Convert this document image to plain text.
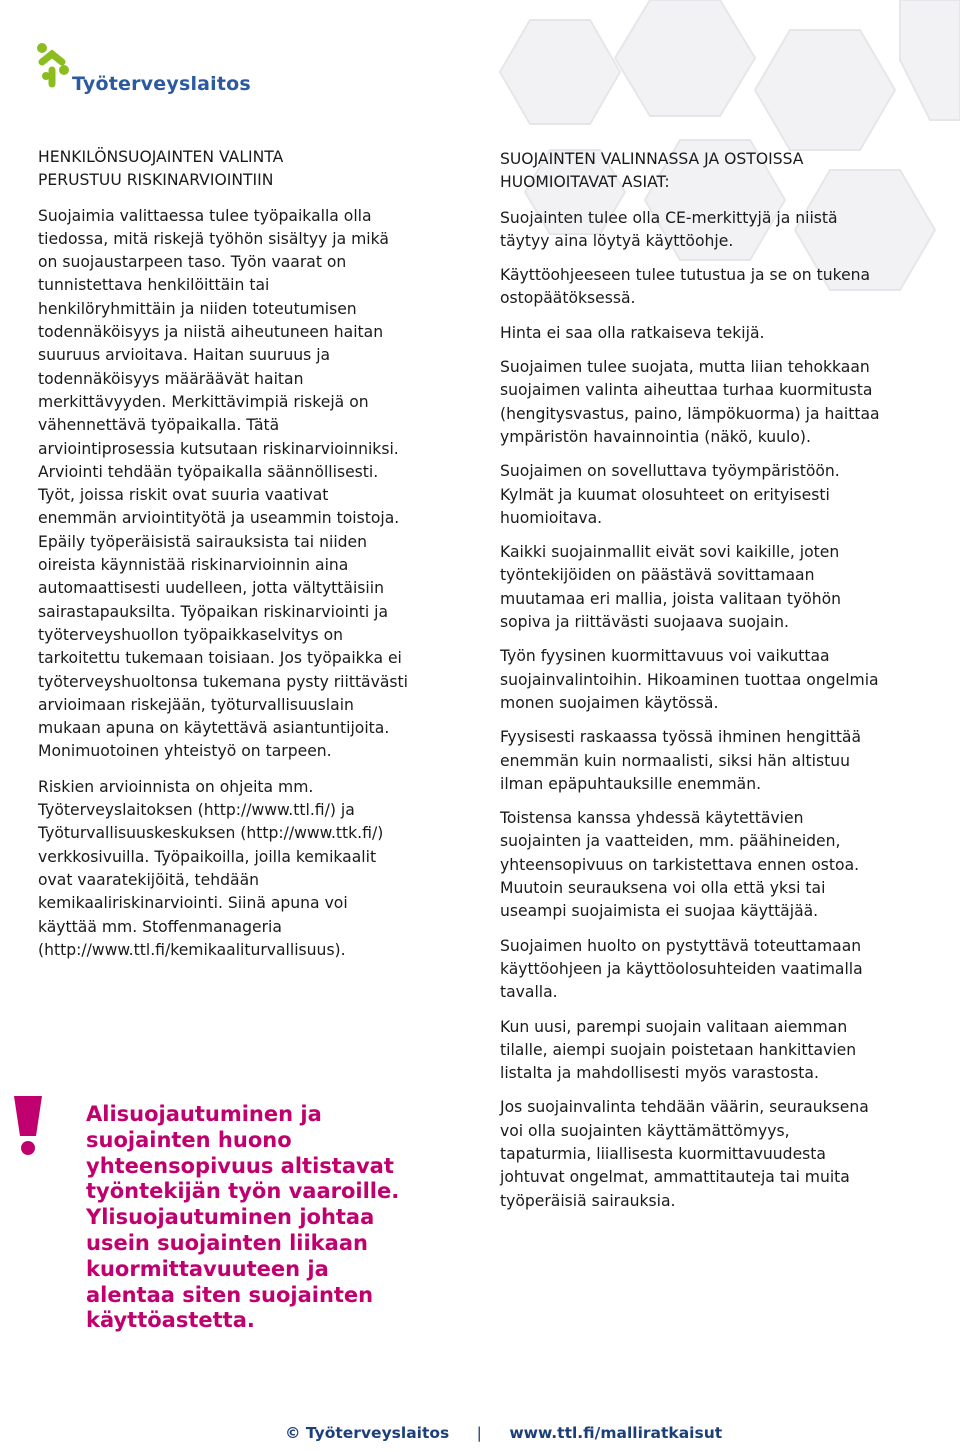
Työterveyslaitos
HENKILÖNSUOJAINTEN VALINTA
PERUSTUU RISKINARVIOINTIIN

Suojaimia valittaessa tulee työpaikalla olla tiedossa, mitä riskejä työhön sisältyy ja mikä on suojaustarpeen taso. Työn vaarat on tunnistettava henkilöittäin tai henkilöryhmittäin ja niiden toteutumisen todennäköisyys ja niistä aiheutuneen haitan suuruus arvioitava. Haitan suuruus ja todennäköisyys määräävät haitan merkittävyyden. Merkittävimpiä riskejä on vähennettävä työpaikalla. Tätä arviointiprosessia kutsutaan riskinarvioinniksi. Arviointi tehdään työpaikalla säännöllisesti. Työt, joissa riskit ovat suuria vaativat enemmän arviointityötä ja useammin toistoja. Epäily työperäisistä sairauksista tai niiden oireista käynnistää riskinarvioinnin aina automaattisesti uudelleen, jotta vältyttäisiin sairastapauksilta. Työpaikan riskinarviointi ja työterveyshuollon työpaikkaselvitys on tarkoitettu tukemaan toisiaan. Jos työpaikka ei työterveyshuoltonsa tukemana pysty riittävästi arvioimaan riskejään, työturvallisuuslain mukaan apuna on käytettävä asiantuntijoita. Monimuotoinen yhteistyö on tarpeen.

Riskien arvioinnista on ohjeita mm. Työterveyslaitoksen (http://www.ttl.fi/) ja Työturvallisuuskeskuksen (http://www.ttk.fi/) verkkosivuilla. Työpaikoilla, joilla kemikaalit ovat vaaratekijöitä, tehdään kemikaaliriskinarviointi. Siinä apuna voi käyttää mm. Stoffenmanageria (http://www.ttl.fi/kemikaaliturvallisuus).

Alisuojautuminen ja suojainten huono yhteensopivuus altistavat työntekijän työn vaaroille. Ylisuojautuminen johtaa usein suojainten liikaan kuormittavuuteen ja alentaa siten suojainten käyttöastetta.
SUOJAINTEN VALINNASSA JA OSTOISSA
HUOMIOITAVAT ASIAT:

Suojainten tulee olla CE-merkittyjä ja niistä täytyy aina löytyä käyttöohje.

Käyttöohjeeseen tulee tutustua ja se on tukena ostopäätöksessä.

Hinta ei saa olla ratkaiseva tekijä.

Suojaimen tulee suojata, mutta liian tehokkaan suojaimen valinta aiheuttaa turhaa kuormitusta (hengitysvastus, paino, lämpökuorma) ja haittaa ympäristön havainnointia (näkö, kuulo).

Suojaimen on sovelluttava työympäristöön. Kylmät ja kuumat olosuhteet on erityisesti huomioitava.

Kaikki suojainmallit eivät sovi kaikille, joten työntekijöiden on päästävä sovittamaan muutamaa eri mallia, joista valitaan työhön sopiva ja riittävästi suojaava suojain.

Työn fyysinen kuormittavuus voi vaikuttaa suojainvalintoihin. Hikoaminen tuottaa ongelmia monen suojaimen käytössä.

Fyysisesti raskaassa työssä ihminen hengittää enemmän kuin normaalisti, siksi hän altistuu ilman epäpuhtauksille enemmän.

Toistensa kanssa yhdessä käytettävien suojainten ja vaatteiden, mm. päähineiden, yhteensopivuus on tarkistettava ennen ostoa. Muutoin seurauksena voi olla että yksi tai useampi suojaimista ei suojaa käyttäjää.

Suojaimen huolto on pystyttävä toteuttamaan käyttöohjeen ja käyttöolosuhteiden vaatimalla tavalla.

Kun uusi, parempi suojain valitaan aiemman tilalle, aiempi suojain poistetaan hankittavien listalta ja mahdollisesti myös varastosta.

Jos suojainvalinta tehdään väärin, seurauksena voi olla suojainten käyttämättömyys, tapaturmia, liiallisesta kuormittavuudesta johtuvat ongelmat, ammattitauteja tai muita työperäisiä sairauksia.

© Työterveyslaitos | www.ttl.fi/malliratkaisut
